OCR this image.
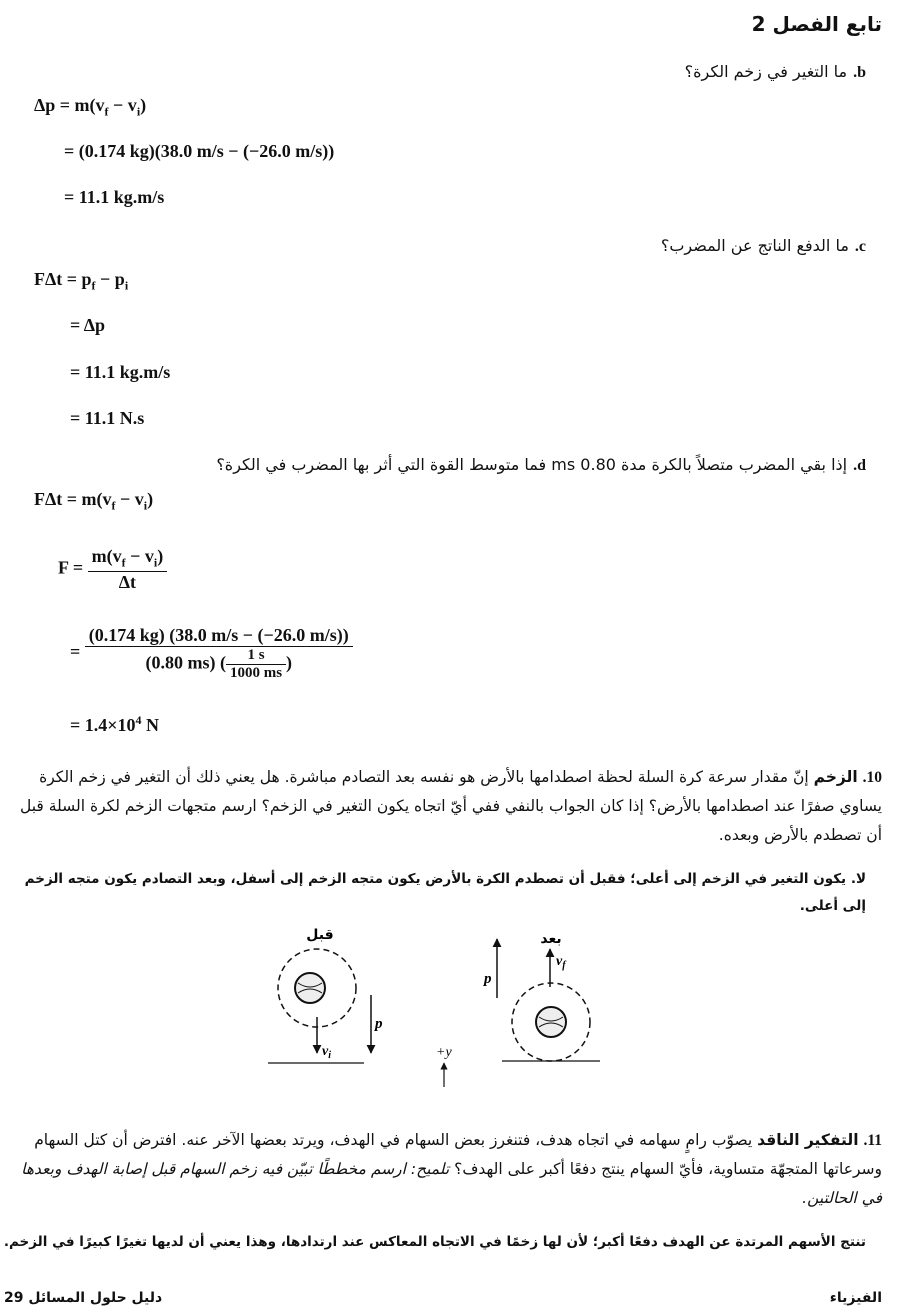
تابع الفصل 2
b.ما التغير في زخم الكرة؟
$\Delta p = m(v_f - v_i)$
= (0.174 kg)(38.0 m/s − (−26.0 m/s))
= 11.1 kg.m/s
c.ما الدفع الناتج عن المضرب؟
$F\Delta t = p_f - p_i$
= Δp
= 11.1 kg.m/s
= 11.1 N.s
d.إذا بقي المضرب متصلاً بالكرة مدة 0.80 ms فما متوسط القوة التي أثر بها المضرب في الكرة؟
$F\Delta t = m(v_f - v_i)$
$F = \frac{m(v_f - v_i)}{\Delta t}$
= $\frac{(0.174 kg) (38.0 m/s - (-26.0 m/s))}{(0.80 ms) ( \frac{1 s}{1000 ms} )}$
= $1.4\times 10^4$ N
10. الزخم إنّ مقدار سرعة كرة السلة لحظة اصطدامها بالأرض هو نفسه بعد التصادم مباشرة. هل يعني ذلك أن التغير في زخم الكرة يساوي صفرًا عند اصطدامها بالأرض؟ إذا كان الجواب بالنفي ففي أيّ اتجاه يكون التغير في الزخم؟ ارسم متجهات الزخم لكرة السلة قبل أن تصطدم بالأرض وبعده.
لا. يكون التغير في الزخم إلى أعلى؛ فقبل أن تصطدم الكرة بالأرض يكون متجه الزخم إلى أسفل، وبعد التصادم يكون متجه الزخم إلى أعلى.
قبل
$v_i$
p
+y
بعد
p
$v_f$
11. التفكير الناقد يصوّب رامٍ سهامه في اتجاه هدف، فتنغرز بعض السهام في الهدف، ويرتد بعضها الآخر عنه. افترض أن كتل السهام وسرعاتها المتجهّة متساوية، فأيّ السهام ينتج دفعًا أكبر على الهدف؟ تلميح: ارسم مخططًا تبيّن فيه زخم السهام قبل إصابة الهدف وبعدها في الحالتين.
تنتج الأسهم المرتدة عن الهدف دفعًا أكبر؛ لأن لها زخمًا في الاتجاه المعاكس عند ارتدادها، وهذا يعني أن لديها تغيرًا كبيرًا في الزخم.
الفيزياء
دليل حلول المسائل 29
